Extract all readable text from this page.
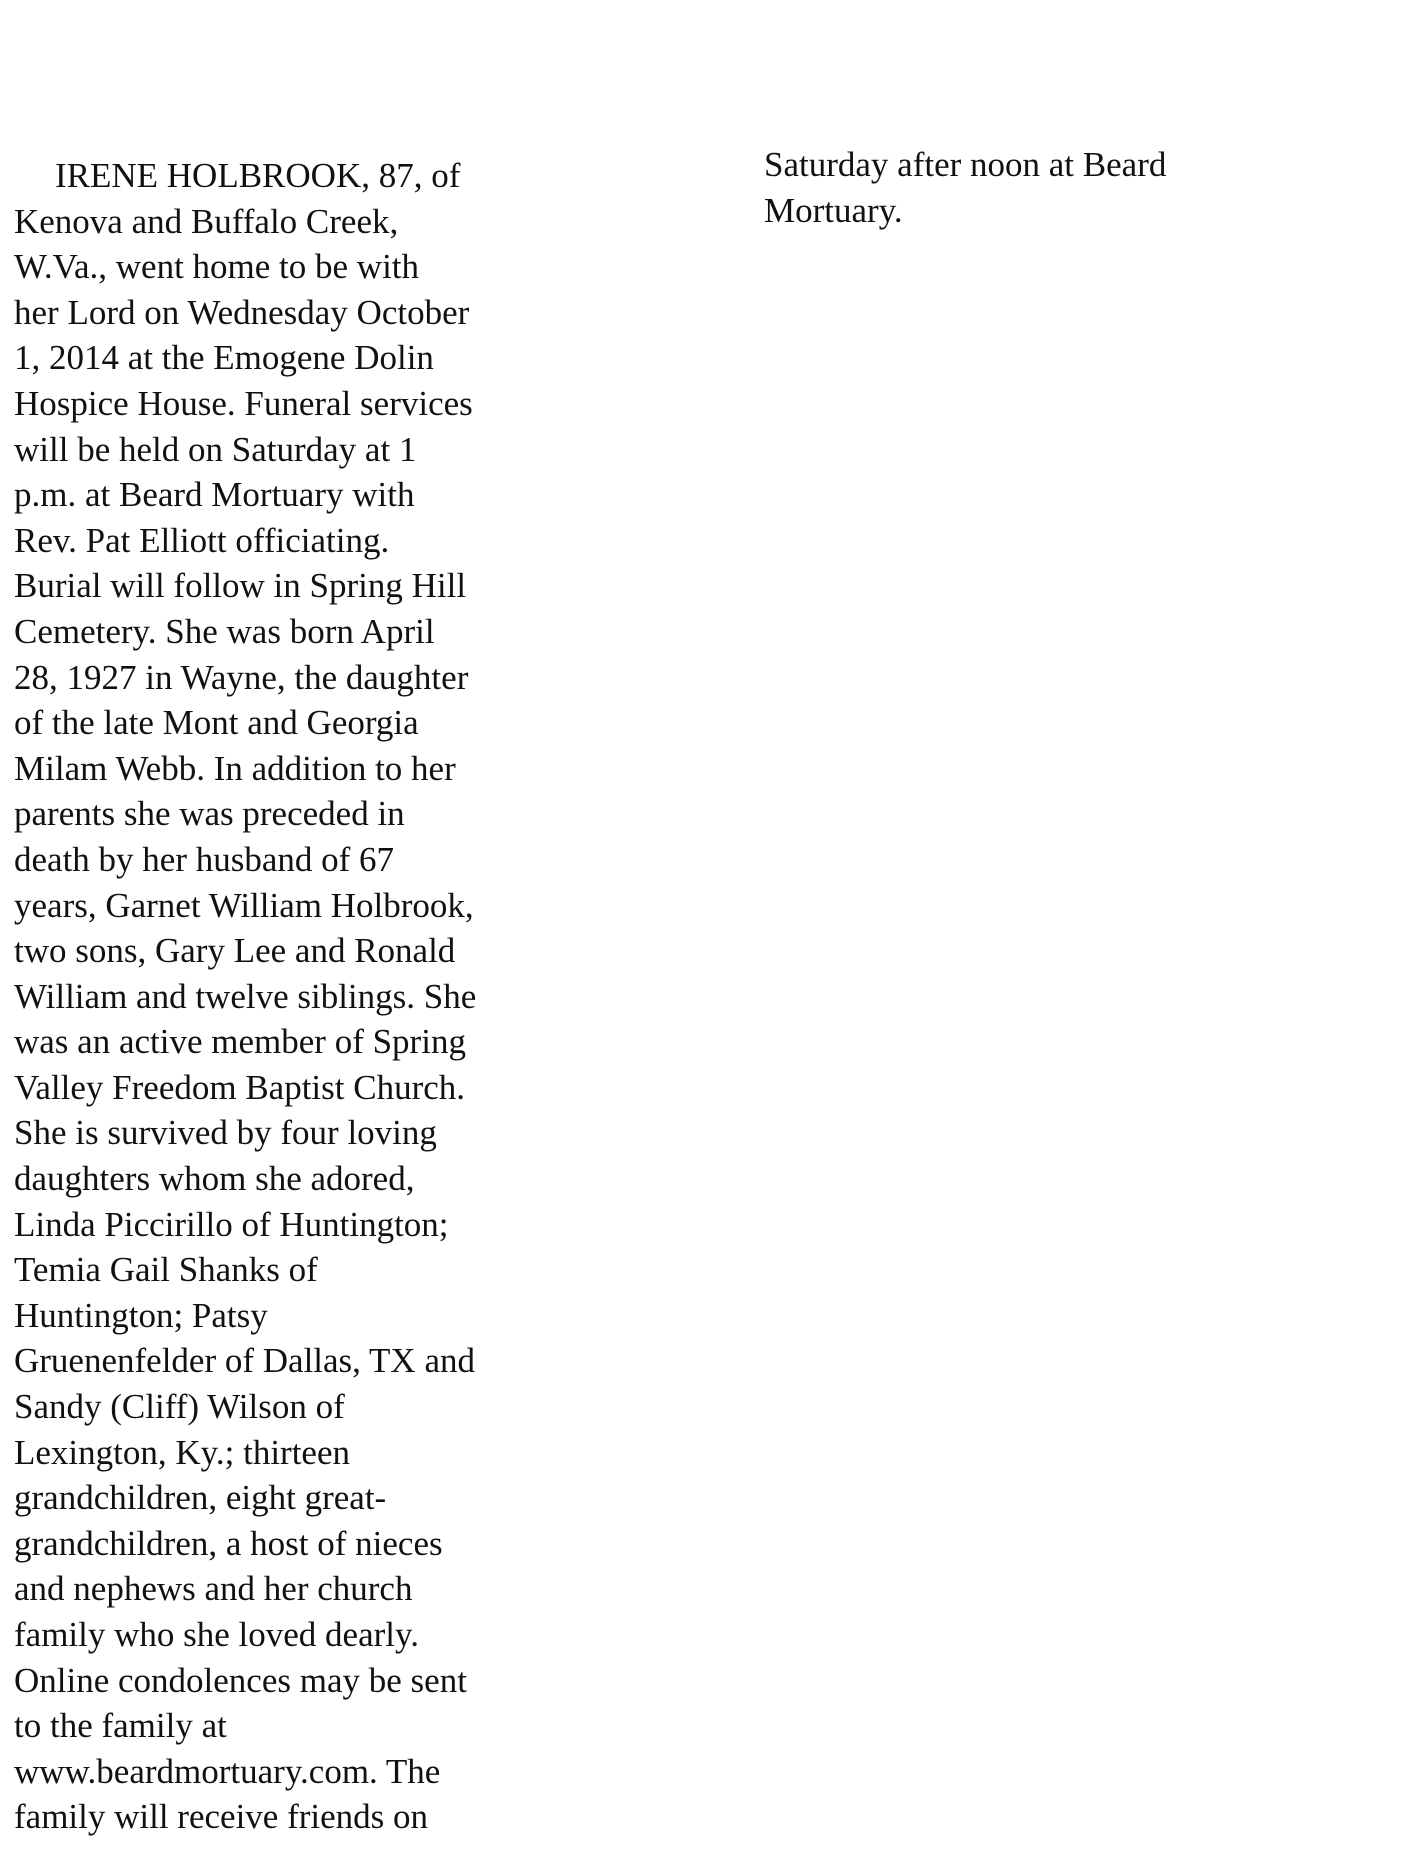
IRENE HOLBROOK, 87, of
Kenova and Buffalo Creek,
W.Va., went home to be with
her Lord on Wednesday October
1, 2014 at the Emogene Dolin
Hospice House. Funeral services
will be held on Saturday at 1
p.m. at Beard Mortuary with
Rev. Pat Elliott officiating.
Burial will follow in Spring Hill
Cemetery. She was born April
28, 1927 in Wayne, the daughter
of the late Mont and Georgia
Milam Webb. In addition to her
parents she was preceded in
death by her husband of 67
years, Garnet William Holbrook,
two sons, Gary Lee and Ronald
William and twelve siblings. She
was an active member of Spring
Valley Freedom Baptist Church.
She is survived by four loving
daughters whom she adored,
Linda Piccirillo of Huntington;
Temia Gail Shanks of
Huntington; Patsy
Gruenenfelder of Dallas, TX and
Sandy (Cliff) Wilson of
Lexington, Ky.; thirteen
grandchildren, eight great-
grandchildren, a host of nieces
and nephews and her church
family who she loved dearly.
Online condolences may be sent
to the family at
www.beardmortuary.com. The
family will receive friends on
Saturday after noon at Beard
Mortuary.
